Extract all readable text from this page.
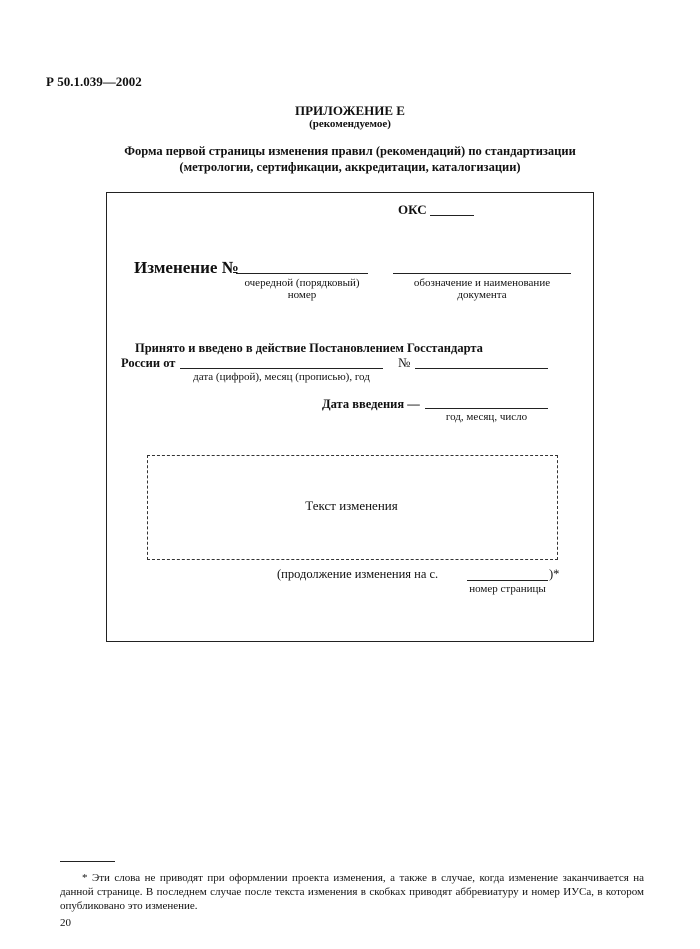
Р 50.1.039—2002
ПРИЛОЖЕНИЕ Е
(рекомендуемое)
Форма первой страницы изменения правил (рекомендаций) по стандартизации
(метрологии, сертификации, аккредитации, каталогизации)
ОКС
Изменение №
очередной (порядковый)
номер
обозначение и наименование
документа
Принято и введено в действие Постановлением Госстандарта
России от
дата (цифрой), месяц (прописью), год
№
Дата введения —
год, месяц, число
Текст изменения
(продолжение изменения на с.	)*
номер страницы
* Эти слова не приводят при оформлении проекта изменения, а также в случае, когда изменение заканчивается на данной странице. В последнем случае после текста изменения в скобках приводят аббревиатуру и номер ИУСа, в котором опубликовано это изменение.
20
